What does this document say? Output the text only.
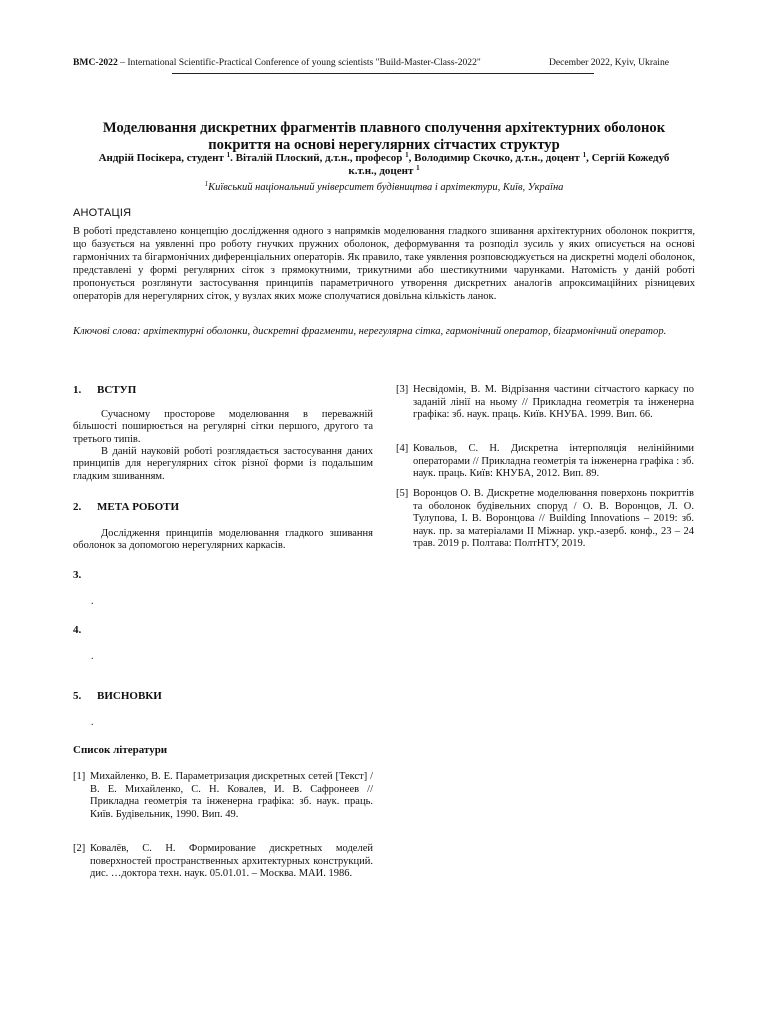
BMC-2022 – International Scientific-Practical Conference of young scientists "Build-Master-Class-2022"	December 2022, Kyiv, Ukraine
Моделювання дискретних фрагментів плавного сполучення архітектурних оболонок
покриття на основі нерегулярних сітчастих структур
Андрій Посікера, студент $^1$. Віталій Плоский, д.т.н., професор $^1$, Володимир Скочко, д.т.н., доцент $^1$, Сергій Кожедуб
к.т.н., доцент $^1$
$^1$Київський національний університет будівництва і архітектури, Київ, Україна
АНОТАЦІЯ
В роботі представлено концепцію дослідження одного з напрямків моделювання гладкого зшивання архітектурних оболонок покриття, що базується на уявленні про роботу гнучких пружних оболонок, деформування та розподіл зусиль у яких описується на основі гармонічних та бігармонічних диференціальних операторів. Як правило, таке уявлення розповсюджується на дискретні моделі оболонок, представлені у формі регулярних сіток з прямокутними, трикутними або шестикутними чарунками. Натомість у даній роботі пропонується розглянути застосування принципів параметричного утворення дискретних аналогів апроксимаційних різницевих операторів для нерегулярних сіток, у вузлах яких може сполучатися довільна кількість ланок.
Ключові слова: архітектурні оболонки, дискретні фрагменти, нерегулярна сітка, гармонічний оператор, бігармонічний оператор.
1. ВСТУП
Сучасному просторове моделювання в переважній більшості поширюється на регулярні сітки першого, другого та третього типів.
В даній науковій роботі розглядається застосування даних принципів для нерегулярних сіток різної форми із подальшим гладким зшиванням.
2. МЕТА РОБОТИ
Дослідження принципів моделювання гладкого зшивання оболонок за допомогою нерегулярних каркасів.
3.
.
4.
.
5. ВИСНОВКИ
.
Список літератури
[1] Михайленко, В. Е. Параметризация дискретных сетей [Текст] / В. Е. Михайленко, С. Н. Ковалев, И. В. Сафронеев // Прикладна геометрія та інженерна графіка: зб. наук. праць. Київ. Будівельник, 1990. Вип. 49.
[2] Ковалёв, С. Н. Формирование дискретных моделей поверхностей пространственных архитектурных конструкций. дис. …доктора техн. наук. 05.01.01. – Москва. МАИ. 1986.
[3] Несвідомін, В. М. Відрізання частини сітчастого каркасу по заданій лінії на ньому // Прикладна геометрія та інженерна графіка: зб. наук. праць. Київ. КНУБА. 1999. Вип. 66.
[4] Ковальов, С. Н. Дискретна інтерполяція нелінійними операторами // Прикладна геометрія та інженерна графіка : зб. наук. праць. Київ: КНУБА, 2012. Вип. 89.
[5] Воронцов О. В. Дискретне моделювання поверхонь покриттів та оболонок будівельних споруд / О. В. Воронцов, Л. О. Тулупова, І. В. Воронцова // Building Innovations – 2019: зб. наук. пр. за матеріалами II Міжнар. укр.-азерб. конф., 23 – 24 трав. 2019 р. Полтава: ПолтНТУ, 2019.
